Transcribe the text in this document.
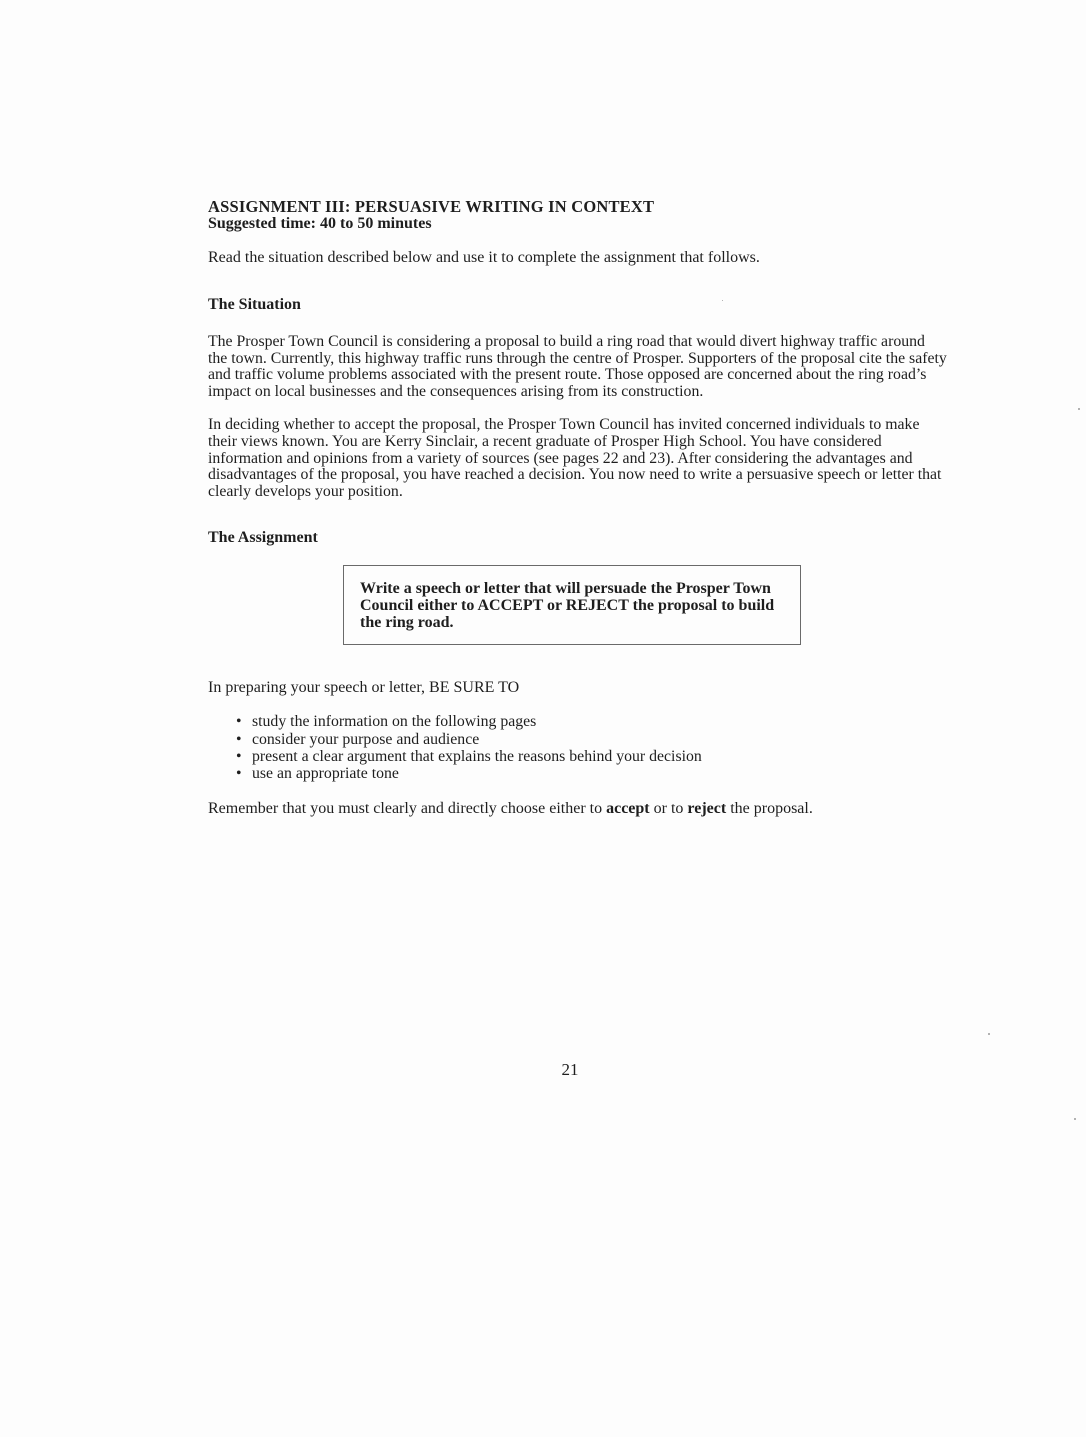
ASSIGNMENT III: PERSUASIVE WRITING IN CONTEXT
Suggested time: 40 to 50 minutes
Read the situation described below and use it to complete the assignment that follows.
The Situation

The Prosper Town Council is considering a proposal to build a ring road that would divert highway traffic around the town. Currently, this highway traffic runs through the centre of Prosper. Supporters of the proposal cite the safety and traffic volume problems associated with the present route. Those opposed are concerned about the ring road’s impact on local businesses and the consequences arising from its construction.

In deciding whether to accept the proposal, the Prosper Town Council has invited concerned individuals to make their views known. You are Kerry Sinclair, a recent graduate of Prosper High School. You have considered information and opinions from a variety of sources (see pages 22 and 23). After considering the advantages and disadvantages of the proposal, you have reached a decision. You now need to write a persuasive speech or letter that clearly develops your position.

The Assignment
Write a speech or letter that will persuade the Prosper Town Council either to ACCEPT or REJECT the proposal to build the ring road.
In preparing your speech or letter, BE SURE TO
• study the information on the following pages
• consider your purpose and audience
• present a clear argument that explains the reasons behind your decision
• use an appropriate tone
Remember that you must clearly and directly choose either to accept or to reject the proposal.
21
